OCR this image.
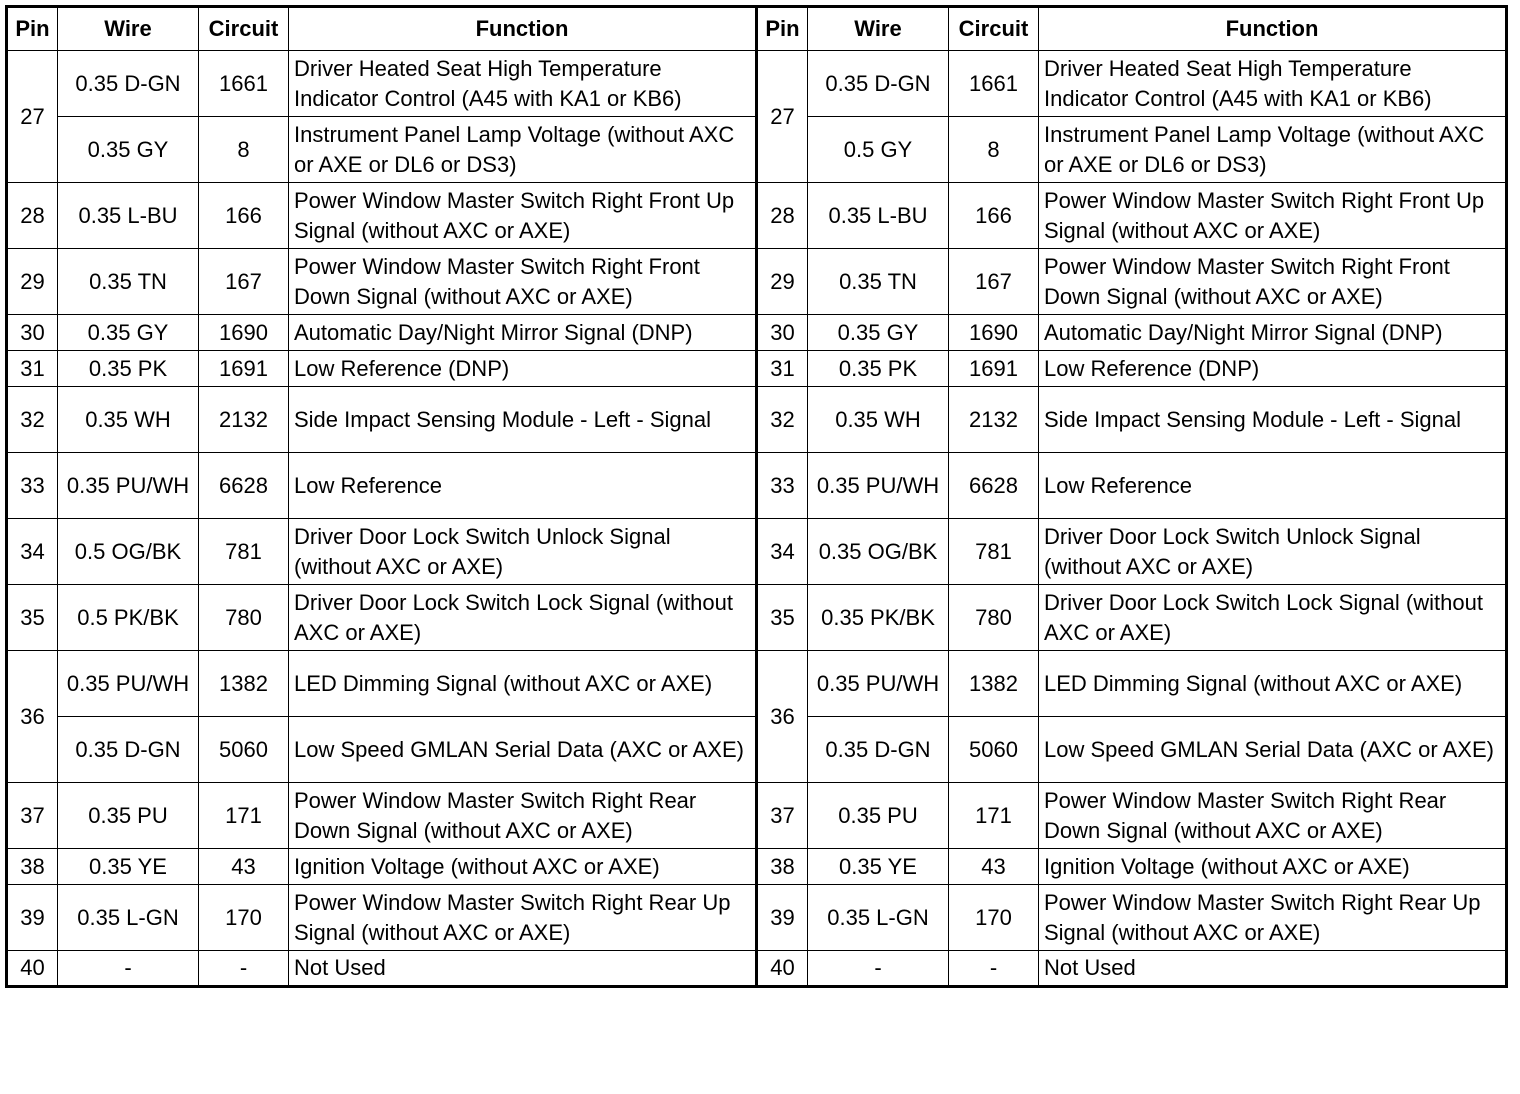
Pin	Wire	Circuit	Function	Pin	Wire	Circuit	Function
27	0.35 D-GN	1661	Driver Heated Seat High Temperature Indicator Control (A45 with KA1 or KB6)	27	0.35 D-GN	1661	Driver Heated Seat High Temperature Indicator Control (A45 with KA1 or KB6)
	0.35 GY	8	Instrument Panel Lamp Voltage (without AXC or AXE or DL6 or DS3)		0.5 GY	8	Instrument Panel Lamp Voltage (without AXC or AXE or DL6 or DS3)
28	0.35 L-BU	166	Power Window Master Switch Right Front Up Signal (without AXC or AXE)	28	0.35 L-BU	166	Power Window Master Switch Right Front Up Signal (without AXC or AXE)
29	0.35 TN	167	Power Window Master Switch Right Front Down Signal (without AXC or AXE)	29	0.35 TN	167	Power Window Master Switch Right Front Down Signal (without AXC or AXE)
30	0.35 GY	1690	Automatic Day/Night Mirror Signal (DNP)	30	0.35 GY	1690	Automatic Day/Night Mirror Signal (DNP)
31	0.35 PK	1691	Low Reference (DNP)	31	0.35 PK	1691	Low Reference (DNP)
32	0.35 WH	2132	Side Impact Sensing Module - Left - Signal	32	0.35 WH	2132	Side Impact Sensing Module - Left - Signal
33	0.35 PU/WH	6628	Low Reference	33	0.35 PU/WH	6628	Low Reference
34	0.5 OG/BK	781	Driver Door Lock Switch Unlock Signal (without AXC or AXE)	34	0.35 OG/BK	781	Driver Door Lock Switch Unlock Signal (without AXC or AXE)
35	0.5 PK/BK	780	Driver Door Lock Switch Lock Signal (without AXC or AXE)	35	0.35 PK/BK	780	Driver Door Lock Switch Lock Signal (without AXC or AXE)
36	0.35 PU/WH	1382	LED Dimming Signal (without AXC or AXE)	36	0.35 PU/WH	1382	LED Dimming Signal (without AXC or AXE)
	0.35 D-GN	5060	Low Speed GMLAN Serial Data (AXC or AXE)		0.35 D-GN	5060	Low Speed GMLAN Serial Data (AXC or AXE)
37	0.35 PU	171	Power Window Master Switch Right Rear Down Signal (without AXC or AXE)	37	0.35 PU	171	Power Window Master Switch Right Rear Down Signal (without AXC or AXE)
38	0.35 YE	43	Ignition Voltage (without AXC or AXE)	38	0.35 YE	43	Ignition Voltage (without AXC or AXE)
39	0.35 L-GN	170	Power Window Master Switch Right Rear Up Signal (without AXC or AXE)	39	0.35 L-GN	170	Power Window Master Switch Right Rear Up Signal (without AXC or AXE)
40	-	-	Not Used	40	-	-	Not Used
